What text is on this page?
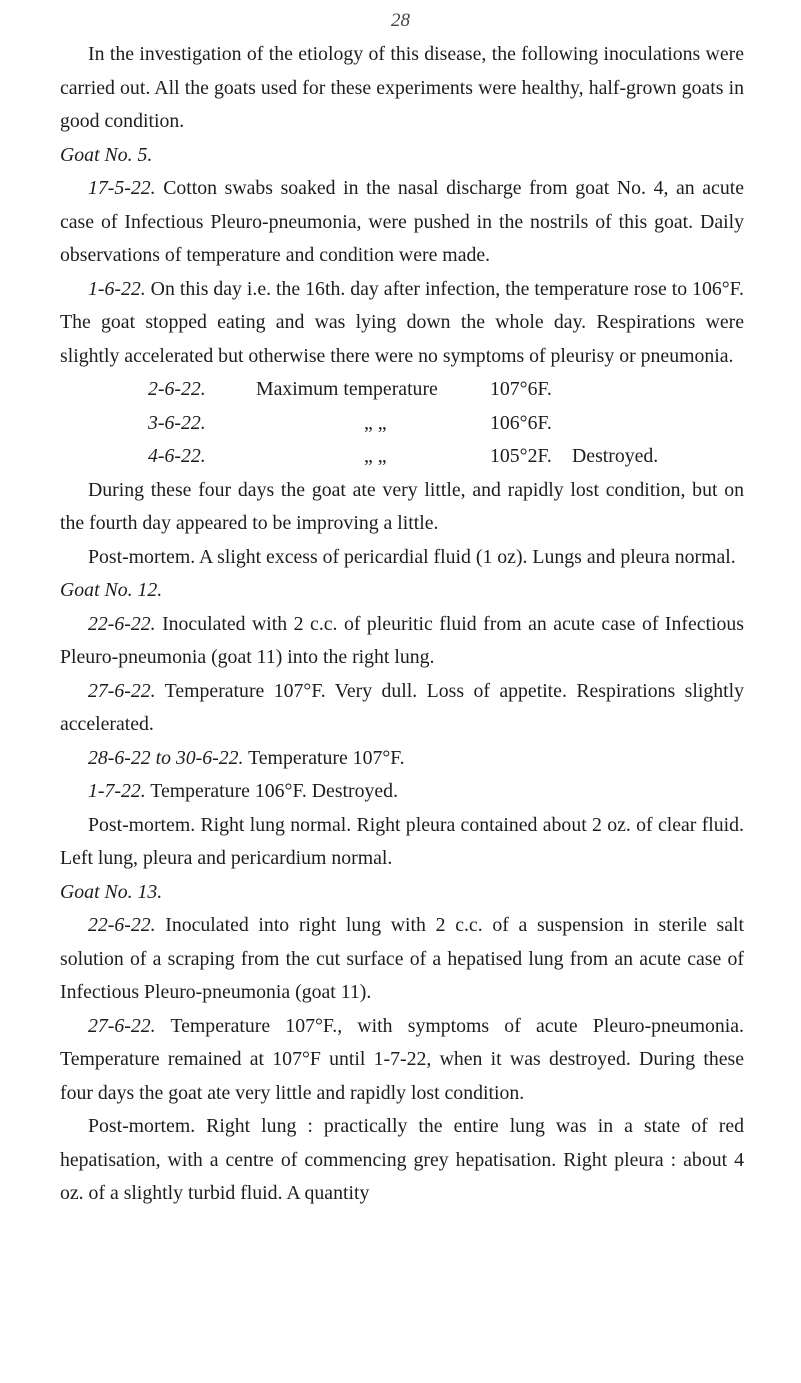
28

In the investigation of the etiology of this disease, the following inoculations were carried out. All the goats used for these experiments were healthy, half-grown goats in good condition.

Goat No. 5.

17-5-22. Cotton swabs soaked in the nasal discharge from goat No. 4, an acute case of Infectious Pleuro-pneumonia, were pushed in the nostrils of this goat. Daily observations of temperature and condition were made.

1-6-22. On this day i.e. the 16th. day after infection, the temperature rose to 106°F. The goat stopped eating and was lying down the whole day. Respirations were slightly accelerated but otherwise there were no symptoms of pleurisy or pneumonia.

2-6-22.	Maximum temperature	107°6F.	
3-6-22.	„ „	106°6F.	
4-6-22.	„ „	105°2F.	Destroyed.

During these four days the goat ate very little, and rapidly lost condition, but on the fourth day appeared to be improving a little.

Post-mortem. A slight excess of pericardial fluid (1 oz). Lungs and pleura normal.

Goat No. 12.

22-6-22. Inoculated with 2 c.c. of pleuritic fluid from an acute case of Infectious Pleuro-pneumonia (goat 11) into the right lung.

27-6-22. Temperature 107°F. Very dull. Loss of appetite. Respirations slightly accelerated.

28-6-22 to 30-6-22. Temperature 107°F.

1-7-22. Temperature 106°F. Destroyed.

Post-mortem. Right lung normal. Right pleura contained about 2 oz. of clear fluid. Left lung, pleura and pericardium normal.

Goat No. 13.

22-6-22. Inoculated into right lung with 2 c.c. of a suspension in sterile salt solution of a scraping from the cut surface of a hepatised lung from an acute case of Infectious Pleuro-pneumonia (goat 11).

27-6-22. Temperature 107°F., with symptoms of acute Pleuro-pneumonia. Temperature remained at 107°F until 1-7-22, when it was destroyed. During these four days the goat ate very little and rapidly lost condition.

Post-mortem. Right lung : practically the entire lung was in a state of red hepatisation, with a centre of commencing grey hepatisation. Right pleura : about 4 oz. of a slightly turbid fluid. A quantity
